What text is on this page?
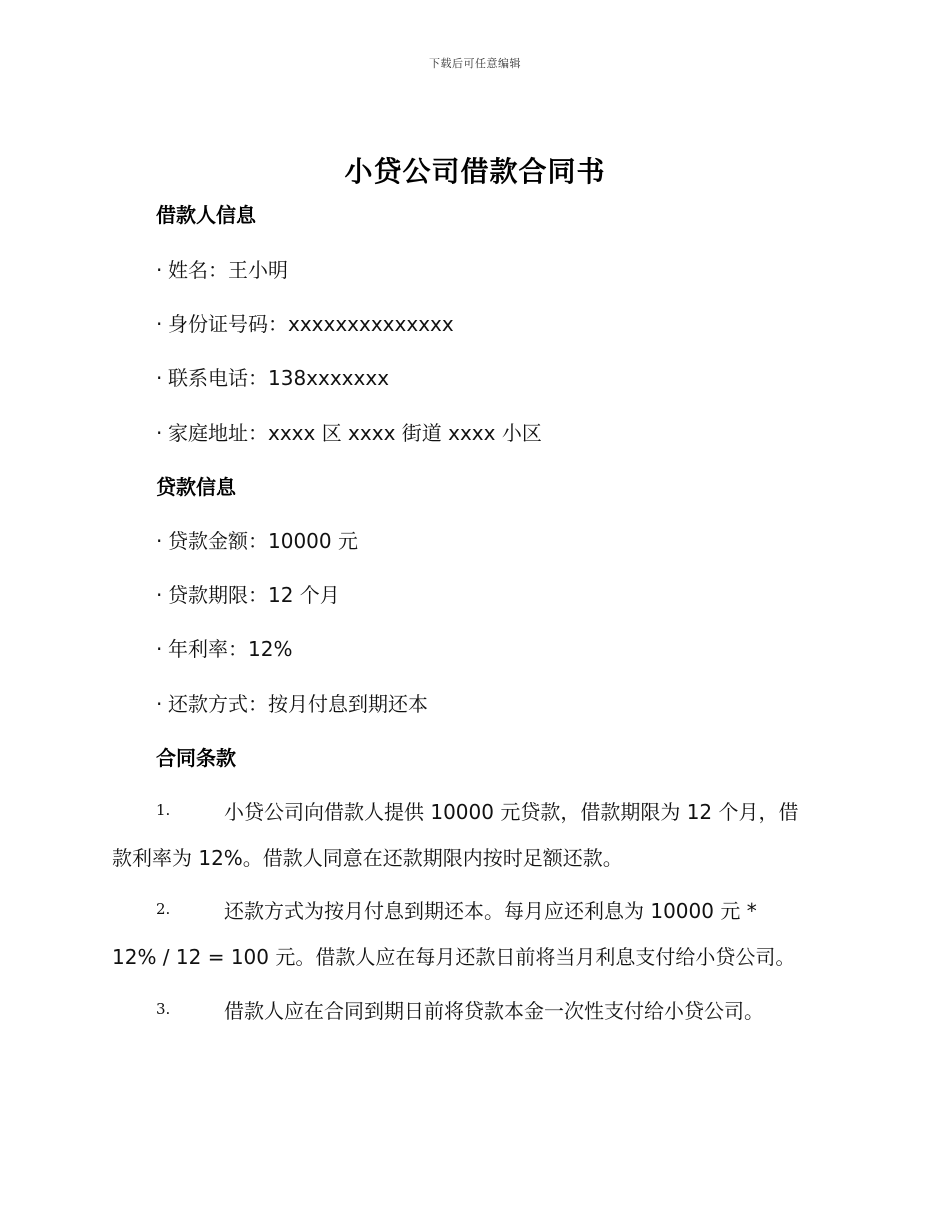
下载后可任意编辑
小贷公司借款合同书
借款人信息
· 姓名：王小明
· 身份证号码：xxxxxxxxxxxxxx
· 联系电话：138xxxxxxx
· 家庭地址：xxxx 区 xxxx 街道 xxxx 小区
贷款信息
· 贷款金额：10000 元
· 贷款期限：12 个月
· 年利率：12%
· 还款方式：按月付息到期还本
合同条款
1.	小贷公司向借款人提供 10000 元贷款，借款期限为 12 个月，借
款利率为 12%。借款人同意在还款期限内按时足额还款。
2.	还款方式为按月付息到期还本。每月应还利息为 10000 元 *
12% / 12 = 100 元。借款人应在每月还款日前将当月利息支付给小贷公司。
3.	借款人应在合同到期日前将贷款本金一次性支付给小贷公司。
